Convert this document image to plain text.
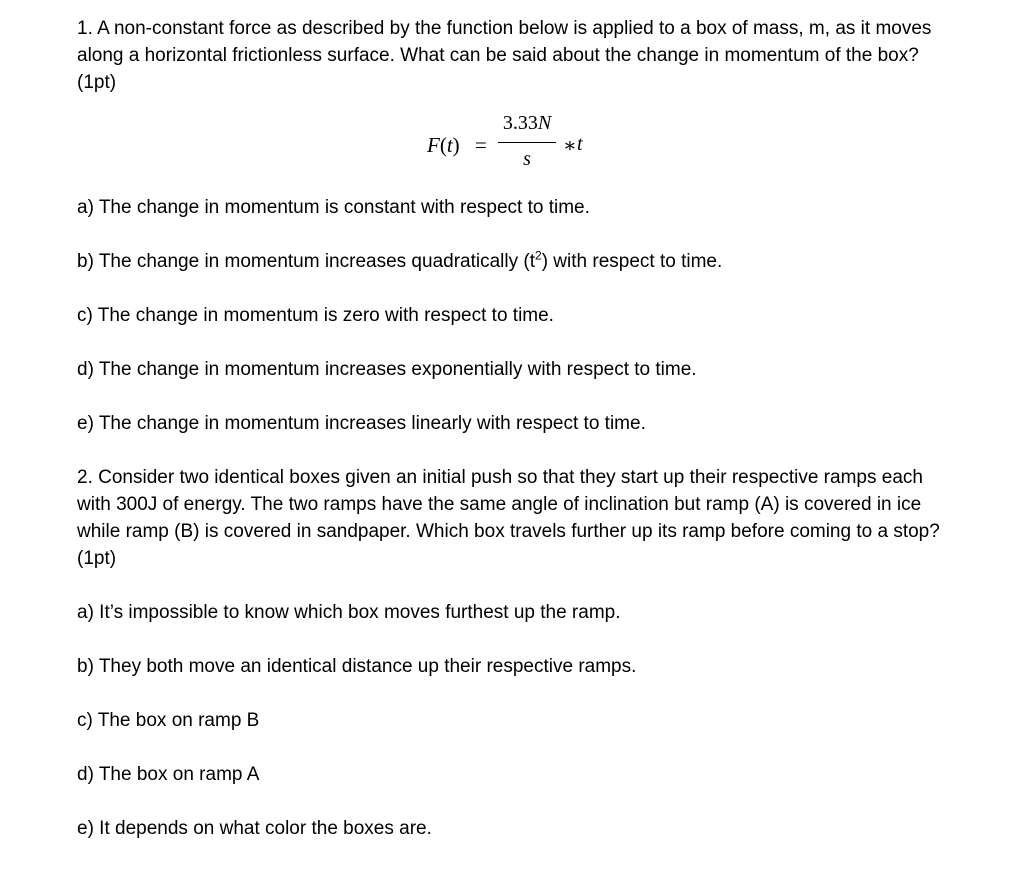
1. A non-constant force as described by the function below is applied to a box of mass, m, as it moves along a horizontal frictionless surface. What can be said about the change in momentum of the box? (1pt)

F(t) =
3.33N
s
∗ t

a) The change in momentum is constant with respect to time.

b) The change in momentum increases quadratically $(t^2)$ with respect to time.

c) The change in momentum is zero with respect to time.

d) The change in momentum increases exponentially with respect to time.

e) The change in momentum increases linearly with respect to time.

2. Consider two identical boxes given an initial push so that they start up their respective ramps each with 300J of energy. The two ramps have the same angle of inclination but ramp (A) is covered in ice while ramp (B) is covered in sandpaper. Which box travels further up its ramp before coming to a stop? (1pt)

a) It’s impossible to know which box moves furthest up the ramp.

b) They both move an identical distance up their respective ramps.

c) The box on ramp B

d) The box on ramp A

e) It depends on what color the boxes are.
